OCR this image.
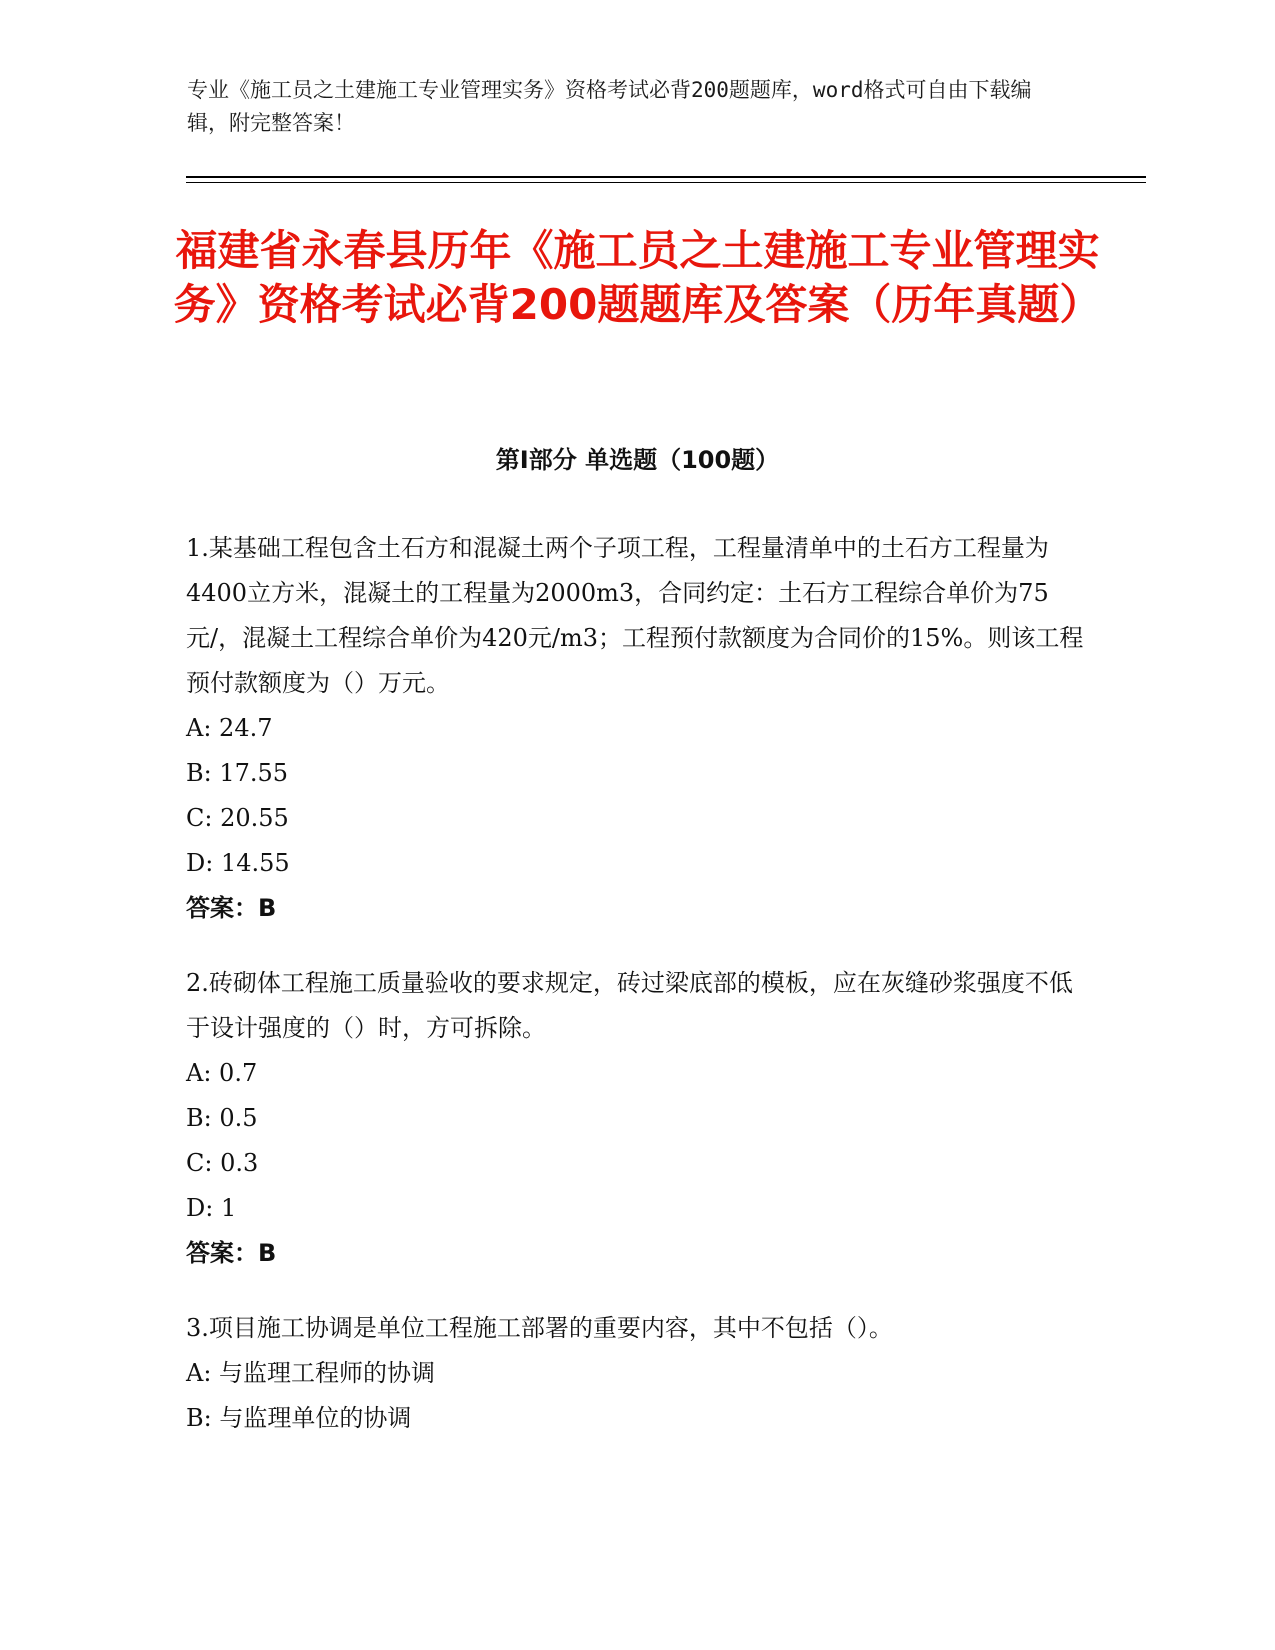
专业《施工员之土建施工专业管理实务》资格考试必背200题题库，word格式可自由下载编辑，附完整答案！
福建省永春县历年《施工员之土建施工专业管理实务》资格考试必背200题题库及答案（历年真题）
第Ⅰ部分 单选题（100题）
1.某基础工程包含土石方和混凝土两个子项工程，工程量清单中的土石方工程量为4400立方米，混凝土的工程量为2000m3，合同约定：土石方工程综合单价为75元/，混凝土工程综合单价为420元/m3；工程预付款额度为合同价的15%。则该工程预付款额度为（）万元。
A: 24.7
B: 17.55
C: 20.55
D: 14.55
答案：B
2.砖砌体工程施工质量验收的要求规定，砖过梁底部的模板，应在灰缝砂浆强度不低于设计强度的（）时，方可拆除。
A: 0.7
B: 0.5
C: 0.3
D: 1
答案：B
3.项目施工协调是单位工程施工部署的重要内容，其中不包括（）。
A: 与监理工程师的协调
B: 与监理单位的协调
